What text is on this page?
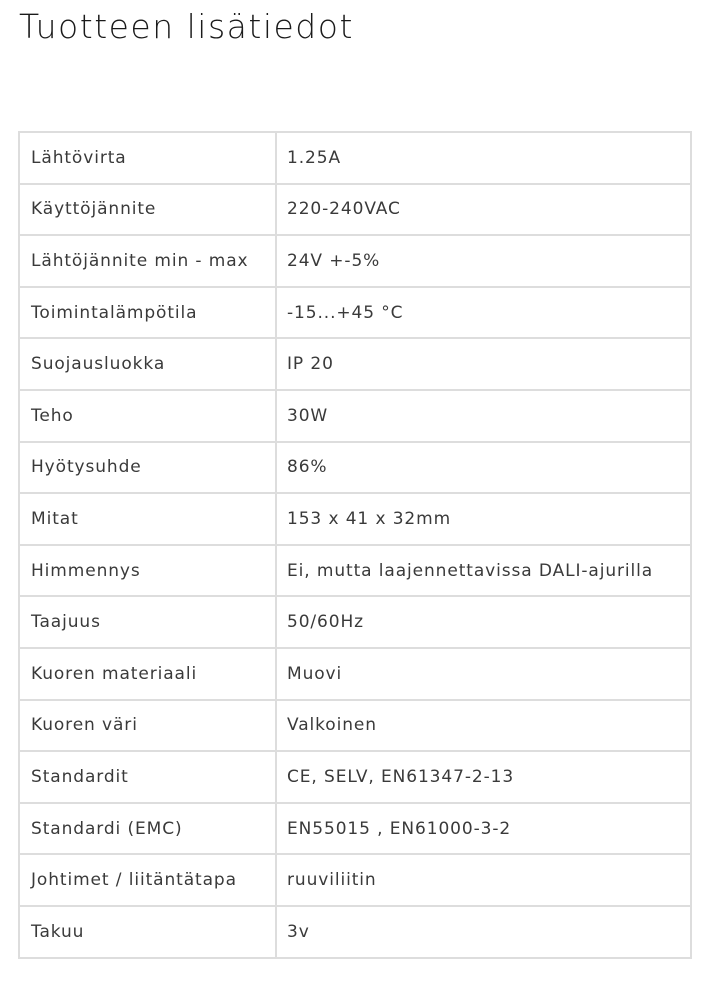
Tuotteen lisätiedot
Lähtövirta	1.25A
Käyttöjännite	220-240VAC
Lähtöjännite min - max	24V +-5%
Toimintalämpötila	-15...+45 °C
Suojausluokka	IP 20
Teho	30W
Hyötysuhde	86%
Mitat	153 x 41 x 32mm
Himmennys	Ei, mutta laajennettavissa DALI-ajurilla
Taajuus	50/60Hz
Kuoren materiaali	Muovi
Kuoren väri	Valkoinen
Standardit	CE, SELV, EN61347-2-13
Standardi (EMC)	EN55015 , EN61000-3-2
Johtimet / liitäntätapa	ruuviliitin
Takuu	3v
